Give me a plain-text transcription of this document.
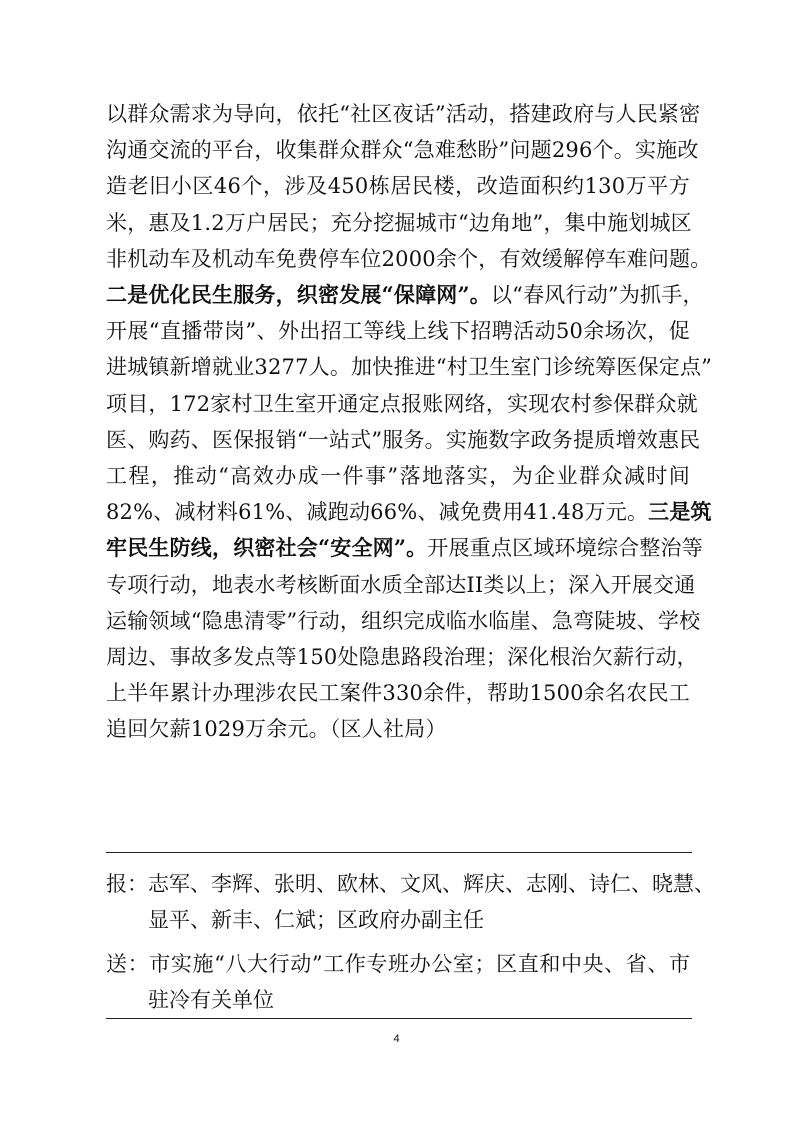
以群众需求为导向，依托“社区夜话”活动，搭建政府与人民紧密
沟通交流的平台，收集群众群众“急难愁盼”问题296个。实施改
造老旧小区46个，涉及450栋居民楼，改造面积约130万平方
米，惠及1.2万户居民；充分挖掘城市“边角地”，集中施划城区
非机动车及机动车免费停车位2000余个，有效缓解停车难问题。
二是优化民生服务，织密发展“保障网”。以“春风行动”为抓手，
开展“直播带岗”、外出招工等线上线下招聘活动50余场次，促
进城镇新增就业3277人。加快推进“村卫生室门诊统筹医保定点”
项目，172家村卫生室开通定点报账网络，实现农村参保群众就
医、购药、医保报销“一站式”服务。实施数字政务提质增效惠民
工程，推动“高效办成一件事”落地落实，为企业群众减时间
82%、减材料61%、减跑动66%、减免费用41.48万元。三是筑
牢民生防线，织密社会“安全网”。开展重点区域环境综合整治等
专项行动，地表水考核断面水质全部达II类以上；深入开展交通
运输领域“隐患清零”行动，组织完成临水临崖、急弯陡坡、学校
周边、事故多发点等150处隐患路段治理；深化根治欠薪行动，
上半年累计办理涉农民工案件330余件，帮助1500余名农民工
追回欠薪1029万余元。（区人社局）
报：志军、李辉、张明、欧林、文风、辉庆、志刚、诗仁、晓慧、
显平、新丰、仁斌；区政府办副主任
送：市实施“八大行动”工作专班办公室；区直和中央、省、市
驻冷有关单位
4
